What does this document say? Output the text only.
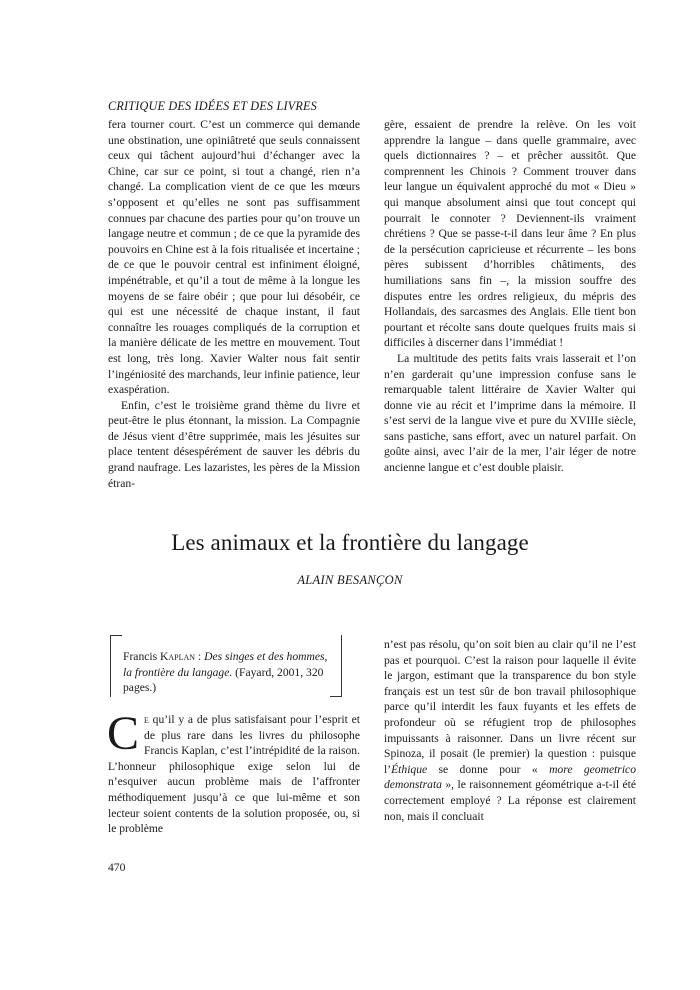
CRITIQUE DES IDÉES ET DES LIVRES

fera tourner court. C’est un commerce qui demande une obstination, une opiniâtreté que seuls connaissent ceux qui tâchent aujourd’hui d’échanger avec la Chine, car sur ce point, si tout a changé, rien n’a changé. La complication vient de ce que les mœurs s’opposent et qu’elles ne sont pas suffisamment connues par chacune des parties pour qu’on trouve un langage neutre et commun ; de ce que la pyramide des pouvoirs en Chine est à la fois ritualisée et incertaine ; de ce que le pouvoir central est infiniment éloigné, impénétrable, et qu’il a tout de même à la longue les moyens de se faire obéir ; que pour lui désobéir, ce qui est une nécessité de chaque instant, il faut connaître les rouages compliqués de la corruption et la manière délicate de les mettre en mouvement. Tout est long, très long. Xavier Walter nous fait sentir l’ingéniosité des marchands, leur infinie patience, leur exaspération.

Enfin, c’est le troisième grand thème du livre et peut-être le plus étonnant, la mission. La Compagnie de Jésus vient d’être supprimée, mais les jésuites sur place tentent désespérément de sauver les débris du grand naufrage. Les lazaristes, les pères de la Mission étran-

gère, essaient de prendre la relève. On les voit apprendre la langue – dans quelle grammaire, avec quels dictionnaires ? – et prêcher aussitôt. Que comprennent les Chinois ? Comment trouver dans leur langue un équivalent approché du mot « Dieu » qui manque absolument ainsi que tout concept qui pourrait le connoter ? Deviennent-ils vraiment chrétiens ? Que se passe-t-il dans leur âme ? En plus de la persécution capricieuse et récurrente – les bons pères subissent d’horribles châtiments, des humiliations sans fin –, la mission souffre des disputes entre les ordres religieux, du mépris des Hollandais, des sarcasmes des Anglais. Elle tient bon pourtant et récolte sans doute quelques fruits mais si difficiles à discerner dans l’immédiat !

La multitude des petits faits vrais lasserait et l’on n’en garderait qu’une impression confuse sans le remarquable talent littéraire de Xavier Walter qui donne vie au récit et l’imprime dans la mémoire. Il s’est servi de la langue vive et pure du XVIIIe siècle, sans pastiche, sans effort, avec un naturel parfait. On goûte ainsi, avec l’air de la mer, l’air léger de notre ancienne langue et c’est double plaisir.

Les animaux et la frontière du langage
ALAIN BESANÇON
Francis Kaplan : Des singes et des hommes, la frontière du langage. (Fayard, 2001, 320 pages.)

Ce qu’il y a de plus satisfaisant pour l’esprit et de plus rare dans les livres du philosophe Francis Kaplan, c’est l’intrépidité de la raison. L’honneur philosophique exige selon lui de n’esquiver aucun problème mais de l’affronter méthodiquement jusqu’à ce que lui-même et son lecteur soient contents de la solution proposée, ou, si le problème

n’est pas résolu, qu’on soit bien au clair qu’il ne l’est pas et pourquoi. C’est la raison pour laquelle il évite le jargon, estimant que la transparence du bon style français est un test sûr de bon travail philosophique parce qu’il interdit les faux fuyants et les effets de profondeur où se réfugient trop de philosophes impuissants à raisonner. Dans un livre récent sur Spinoza, il posait (le premier) la question : puisque l’Éthique se donne pour « more geometrico demonstrata », le raisonnement géométrique a-t-il été correctement employé ? La réponse est clairement non, mais il concluait

470
